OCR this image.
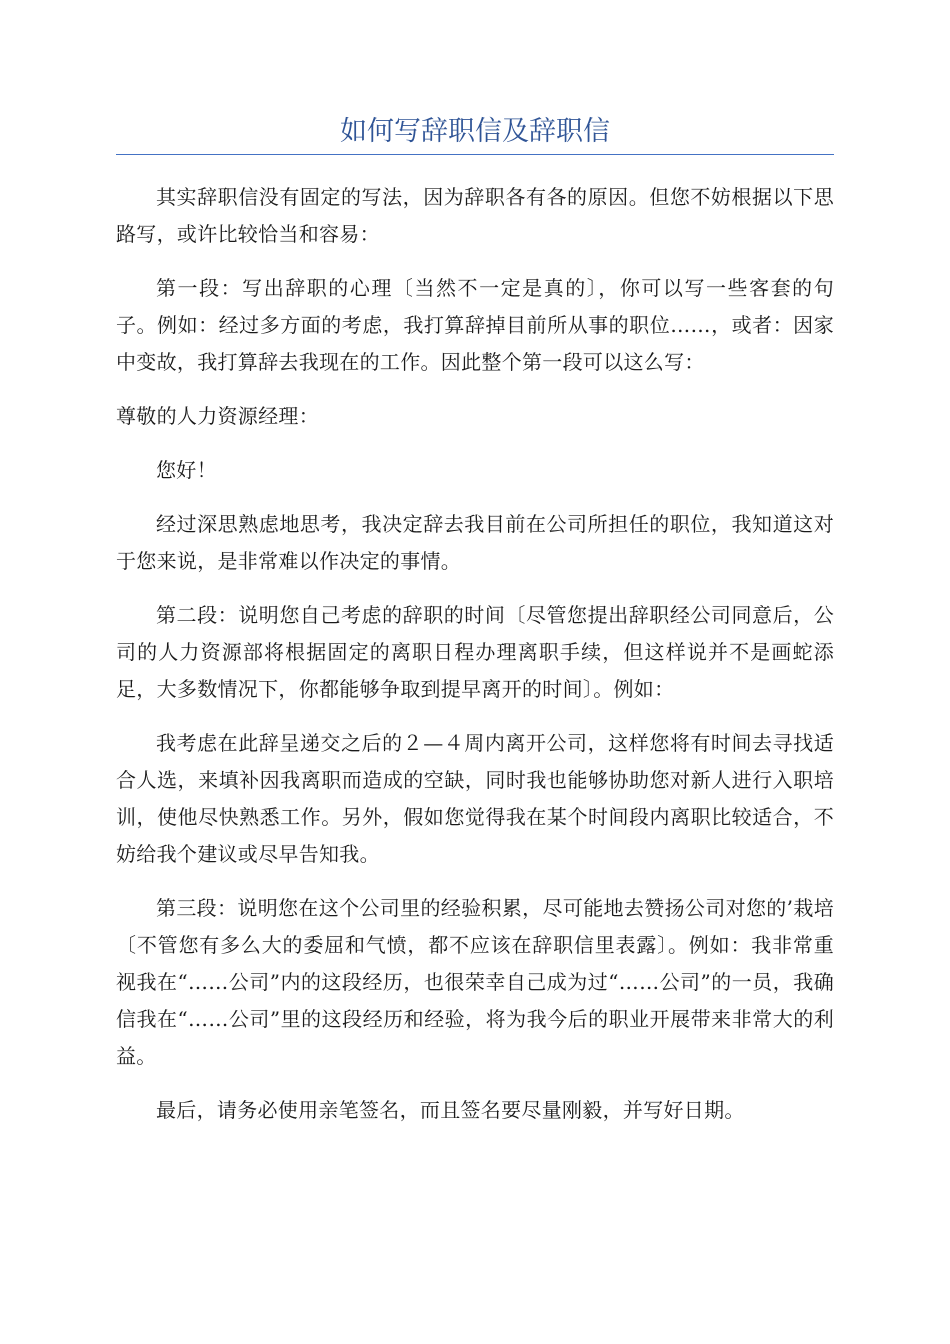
如何写辞职信及辞职信

其实辞职信没有固定的写法，因为辞职各有各的原因。但您不妨根据以下思路写，或许比较恰当和容易：

第一段：写出辞职的心理〔当然不一定是真的〕，你可以写一些客套的句子。例如：经过多方面的考虑，我打算辞掉目前所从事的职位……，或者：因家中变故，我打算辞去我现在的工作。因此整个第一段可以这么写：

尊敬的人力资源经理：

您好！

经过深思熟虑地思考，我决定辞去我目前在公司所担任的职位，我知道这对于您来说，是非常难以作决定的事情。

第二段：说明您自己考虑的辞职的时间〔尽管您提出辞职经公司同意后，公司的人力资源部将根据固定的离职日程办理离职手续，但这样说并不是画蛇添足，大多数情况下，你都能够争取到提早离开的时间〕。例如：

我考虑在此辞呈递交之后的２—４周内离开公司，这样您将有时间去寻找适合人选，来填补因我离职而造成的空缺，同时我也能够协助您对新人进行入职培训，使他尽快熟悉工作。另外，假如您觉得我在某个时间段内离职比较适合，不妨给我个建议或尽早告知我。

第三段：说明您在这个公司里的经验积累，尽可能地去赞扬公司对您的’栽培〔不管您有多么大的委屈和气愤，都不应该在辞职信里表露〕。例如：我非常重视我在“……公司”内的这段经历，也很荣幸自己成为过“……公司”的一员，我确信我在“……公司”里的这段经历和经验，将为我今后的职业开展带来非常大的利益。

最后，请务必使用亲笔签名，而且签名要尽量刚毅，并写好日期。
